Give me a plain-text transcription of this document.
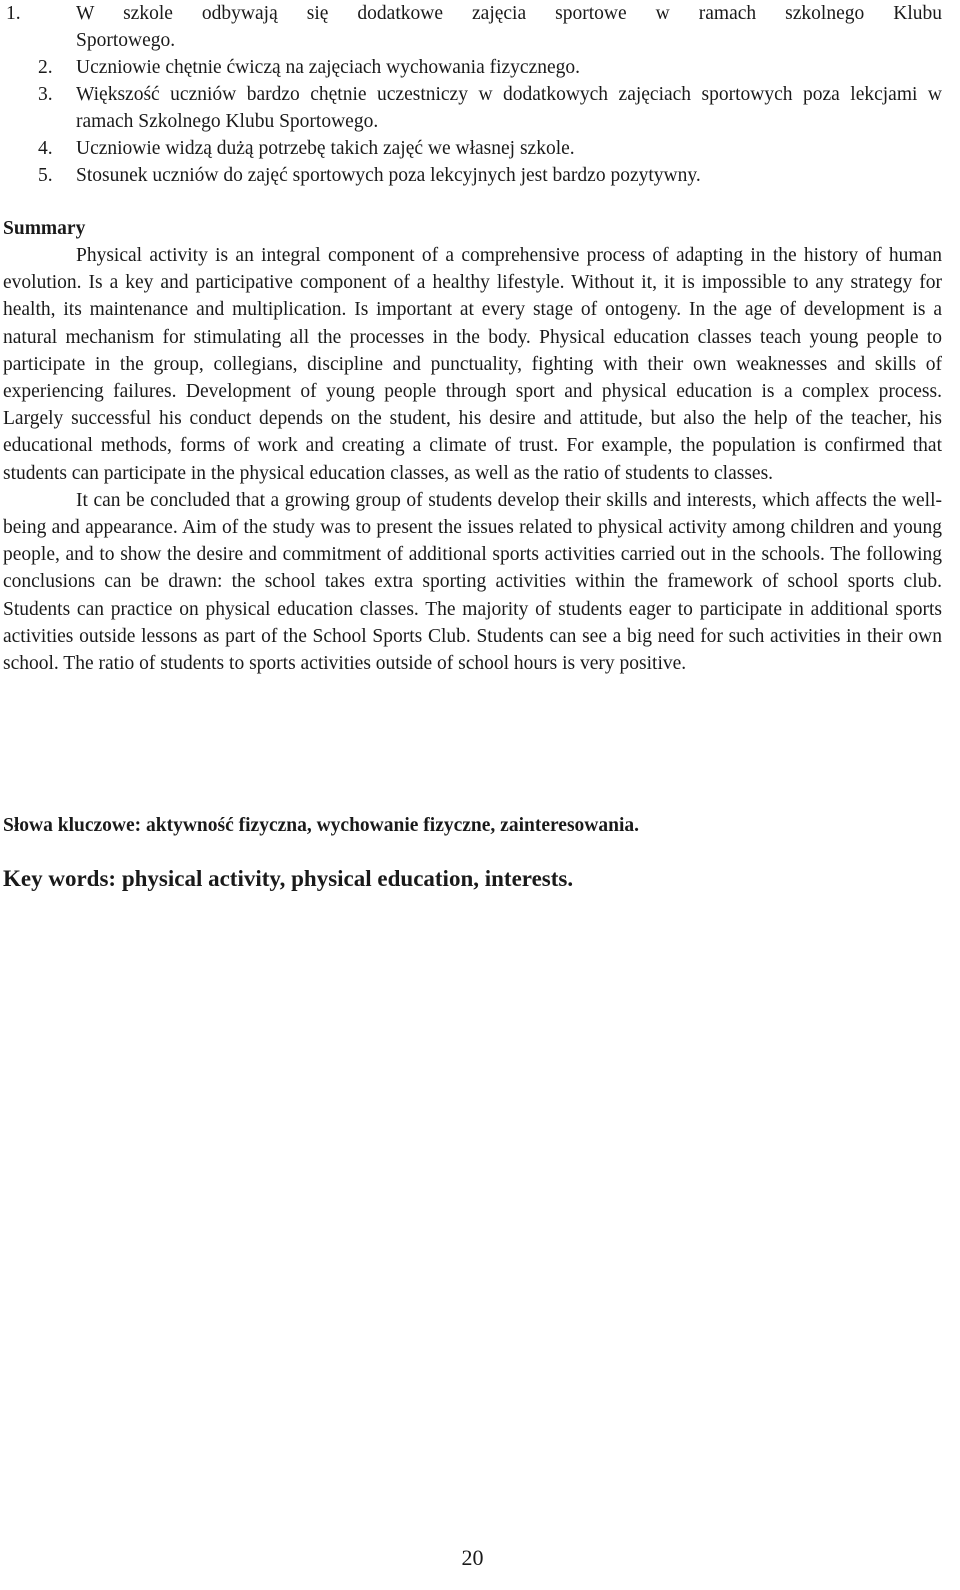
1.	W szkole odbywają się dodatkowe zajęcia sportowe w ramach szkolnego Klubu
Sportowego.
2.	Uczniowie chętnie ćwiczą na zajęciach wychowania fizycznego.
3.	Większość uczniów bardzo chętnie uczestniczy w dodatkowych zajęciach sportowych poza lekcjami w ramach Szkolnego Klubu Sportowego.
4.	Uczniowie widzą dużą potrzebę takich zajęć we własnej szkole.
5.	Stosunek uczniów do zajęć sportowych poza lekcyjnych jest bardzo pozytywny.
Summary

Physical activity is an integral component of a comprehensive process of adapting in the history of human evolution. Is a key and participative component of a healthy lifestyle. Without it, it is impossible to any strategy for health, its maintenance and multiplication. Is important at every stage of ontogeny. In the age of development is a natural mechanism for stimulating all the processes in the body. Physical education classes teach young people to participate in the group, collegians, discipline and punctuality, fighting with their own weaknesses and skills of experiencing failures. Development of young people through sport and physical education is a complex process. Largely successful his conduct depends on the student, his desire and attitude, but also the help of the teacher, his educational methods, forms of work and creating a climate of trust. For example, the population is confirmed that students can participate in the physical education classes, as well as the ratio of students to classes.

It can be concluded that a growing group of students develop their skills and interests, which affects the well-being and appearance. Aim of the study was to present the issues related to physical activity among children and young people, and to show the desire and commitment of additional sports activities carried out in the schools. The following conclusions can be drawn: the school takes extra sporting activities within the framework of school sports club. Students can practice on physical education classes. The majority of students eager to participate in additional sports activities outside lessons as part of the School Sports Club. Students can see a big need for such activities in their own school. The ratio of students to sports activities outside of school hours is very positive.

Słowa kluczowe: aktywność fizyczna, wychowanie fizyczne, zainteresowania.

Key words: physical activity, physical education, interests.

20
